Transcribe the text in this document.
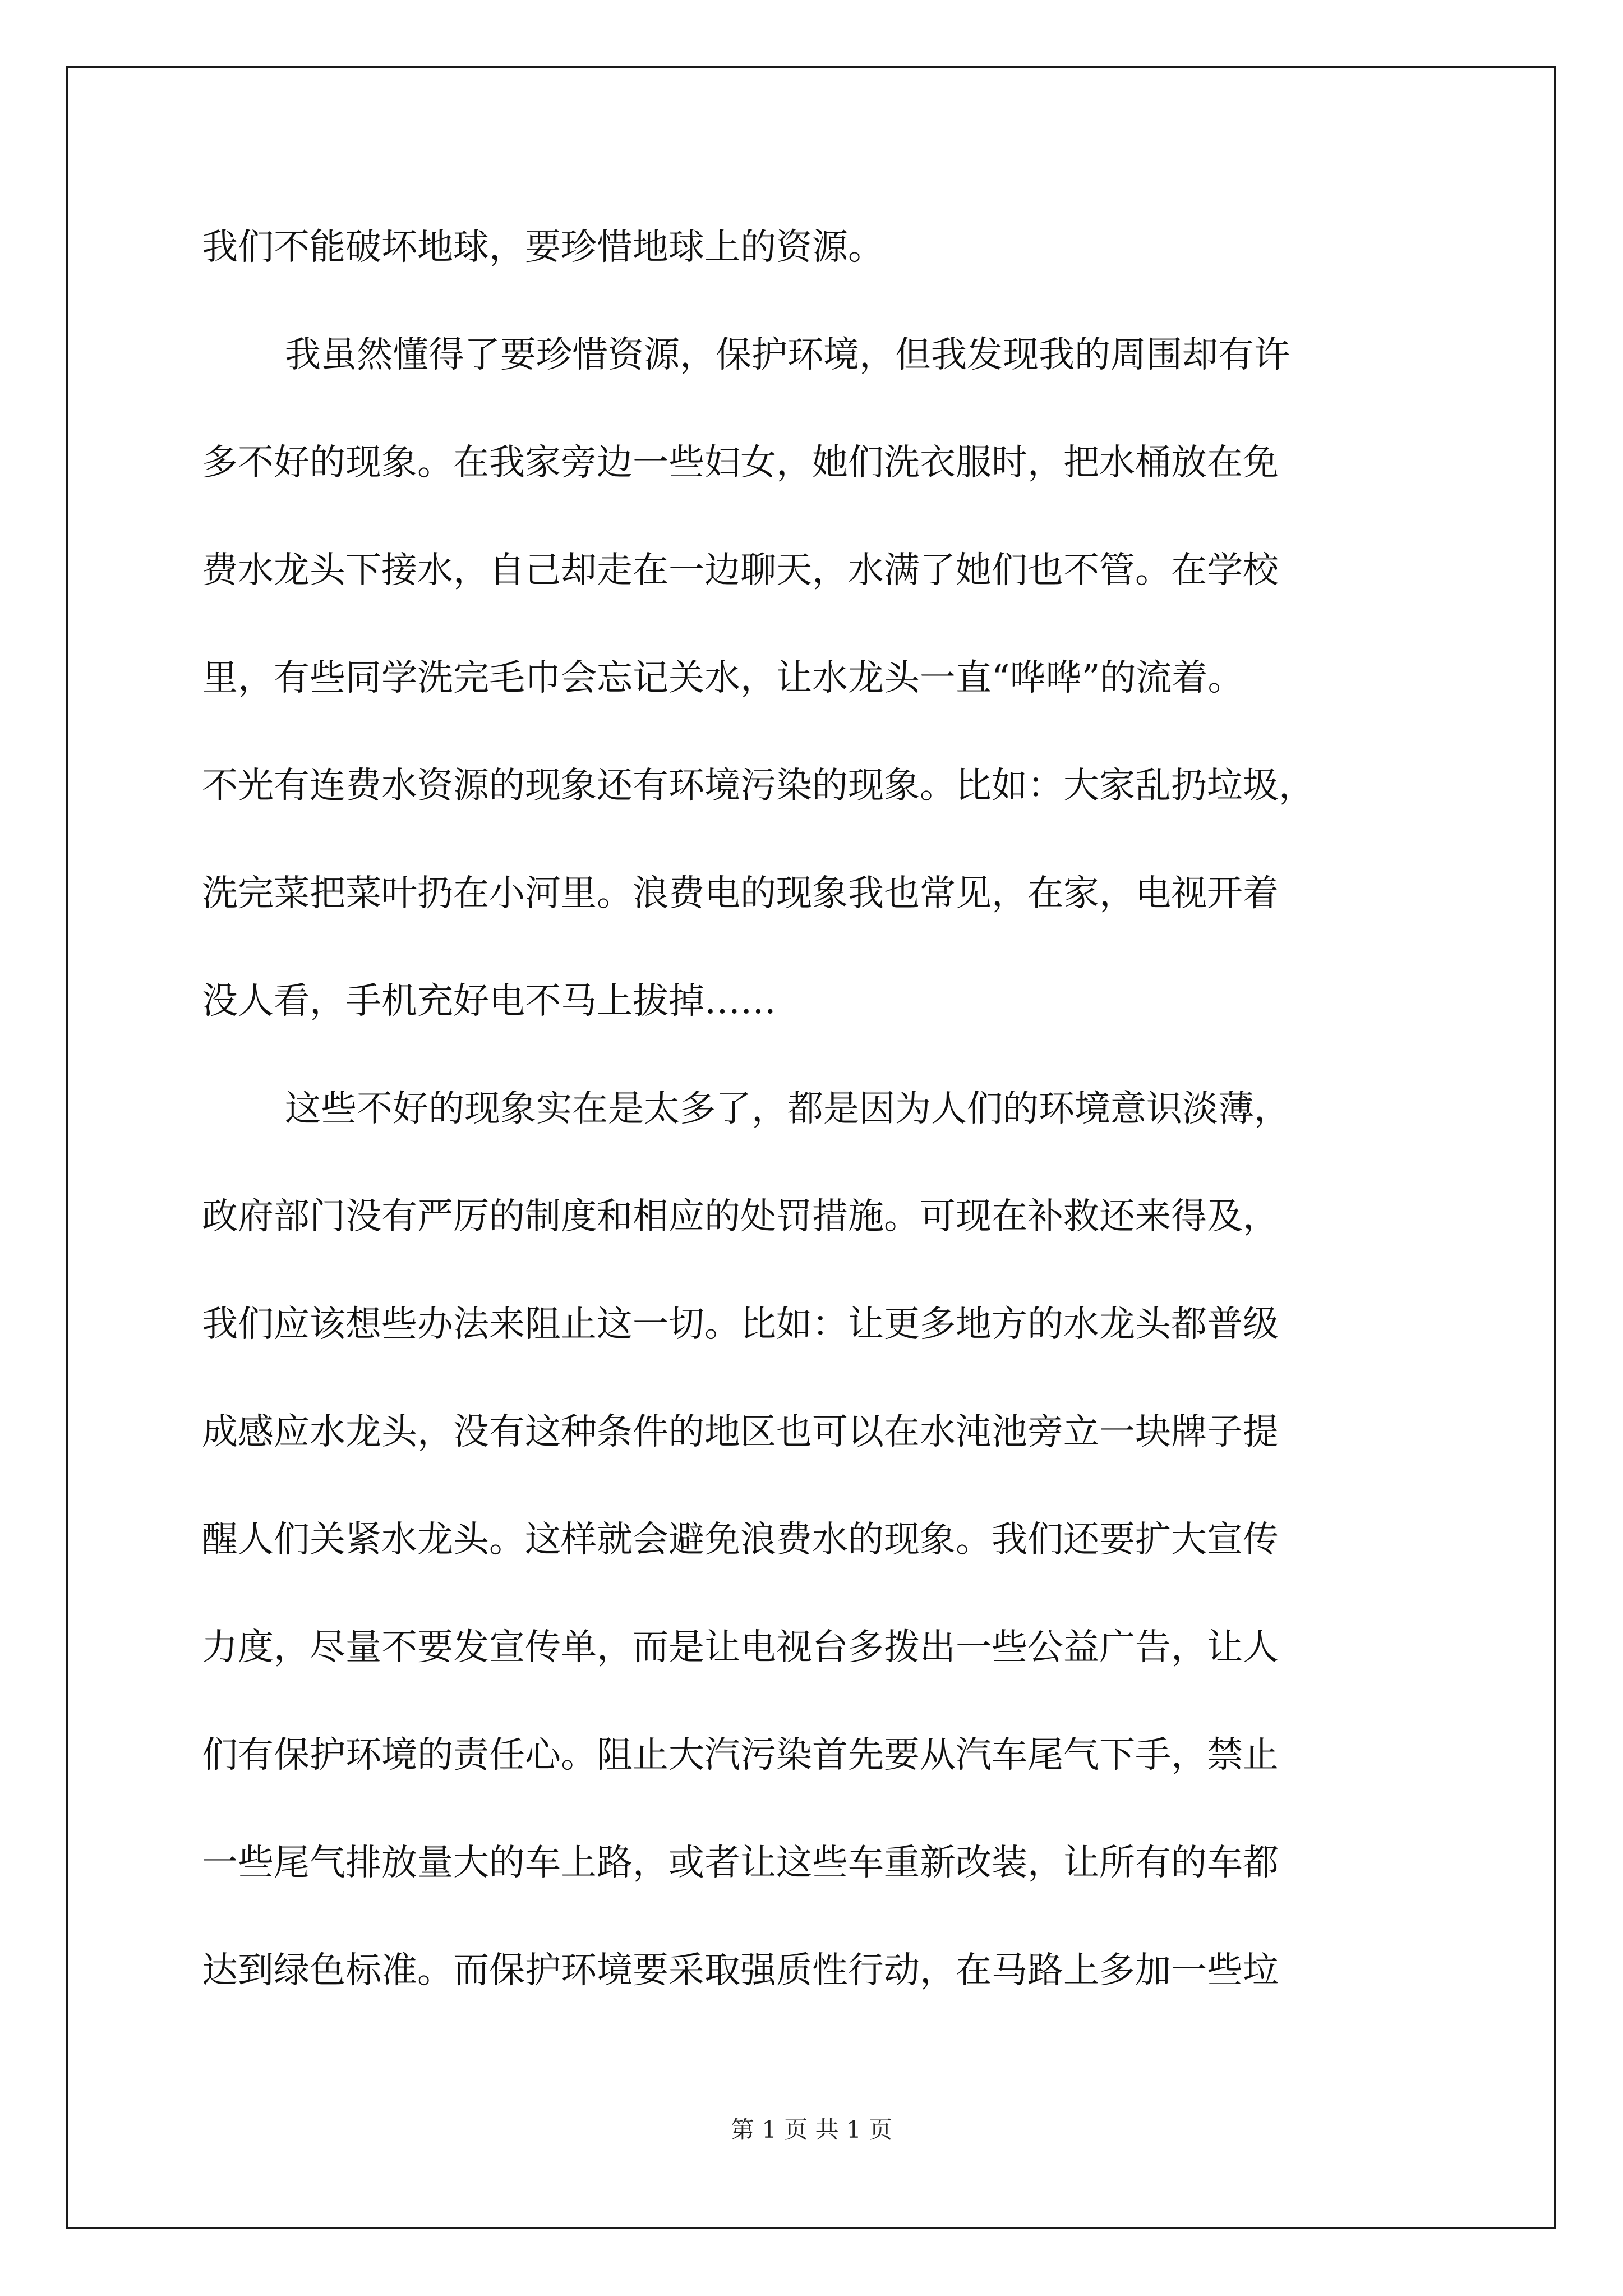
我们不能破坏地球，要珍惜地球上的资源。
我虽然懂得了要珍惜资源，保护环境，但我发现我的周围却有许
多不好的现象。在我家旁边一些妇女，她们洗衣服时，把水桶放在免
费水龙头下接水，自己却走在一边聊天，水满了她们也不管。在学校
里，有些同学洗完毛巾会忘记关水，让水龙头一直“哗哗”的流着。
不光有连费水资源的现象还有环境污染的现象。比如：大家乱扔垃圾，
洗完菜把菜叶扔在小河里。浪费电的现象我也常见，在家，电视开着
没人看，手机充好电不马上拔掉……
这些不好的现象实在是太多了，都是因为人们的环境意识淡薄，
政府部门没有严厉的制度和相应的处罚措施。可现在补救还来得及，
我们应该想些办法来阻止这一切。比如：让更多地方的水龙头都普级
成感应水龙头，没有这种条件的地区也可以在水沌池旁立一块牌子提
醒人们关紧水龙头。这样就会避免浪费水的现象。我们还要扩大宣传
力度，尽量不要发宣传单，而是让电视台多拨出一些公益广告，让人
们有保护环境的责任心。阻止大汽污染首先要从汽车尾气下手，禁止
一些尾气排放量大的车上路，或者让这些车重新改装，让所有的车都
达到绿色标准。而保护环境要采取强质性行动，在马路上多加一些垃
第 1 页 共 1 页
